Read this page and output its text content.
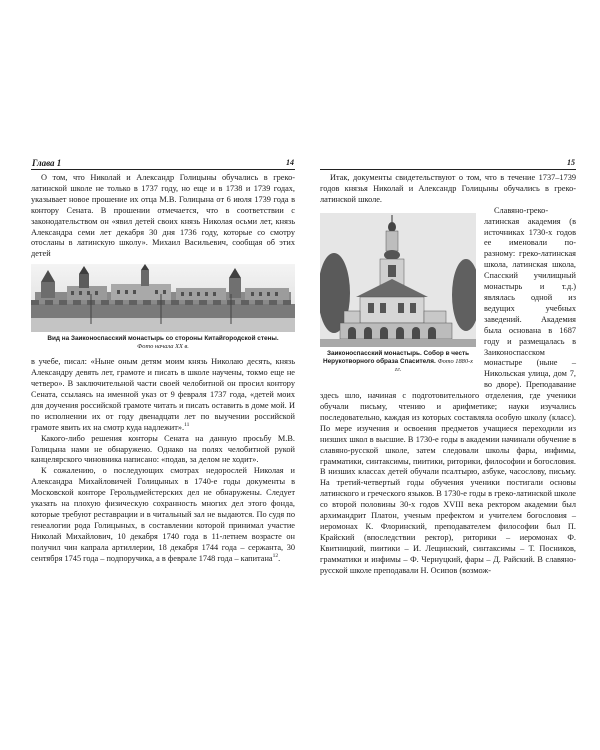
Глава 1	14

О том, что Николай и Александр Голицыны обучались в греко-латинской школе не только в 1737 году, но еще и в 1738 и 1739 годах, указывает новое прошение их отца М.В. Голицына от 6 июля 1739 года в контору Сената. В прошении отмечается, что в соответствии с законодательством он «явил детей своих князь Николая осьми лет, князь Александра семи лет декабря 30 дня 1736 году, которые со смотру отосланы в латинскую школу». Михаил Васильевич, сообщая об этих детей

Вид на Заиконоспасский монастырь со стороны Китайгородской стены.
Фото начала XX в.

в учебе, писал: «Ныне оным детям моим князь Николаю десять, князь Александру девять лет, грамоте и писать в школе научены, токмо еще не четверо». В заключительной части своей челобитной он просил контору Сената, ссылаясь на именной указ от 9 февраля 1737 года, «детей моих для доучения российской грамоте читать и писать оставить в доме мой. И по исполнении их от году двенадцати лет по выучении российской грамоте явить их на смотр куда надлежит».$^{11}$

Какого-либо решения конторы Сената на данную просьбу М.В. Голицына нами не обнаружено. Однако на полях челобитной рукой канцелярского чиновника написано: «подав, за делом не ходит».

К сожалению, о последующих смотрах недорослей Николая и Александра Михайловичей Голицыных в 1740-е годы документы в Московской конторе Герольдмейстерских дел не обнаружены. Следует указать на плохую физическую сохранность многих дел этого фонда, которые требуют реставрации и в читальный зал не выдаются. По судя по генеалогии рода Голицыных, в составлении которой принимал участие Николай Михайлович, 10 декабря 1740 года в 11-летнем возрасте он получил чин капрала артиллерии, 18 декабря 1744 года – сержанта, 30 сентября 1745 года – подпоручика, а в феврале 1748 года – капитана$^{12}$.

15

Итак, документы свидетельствуют о том, что в течение 1737–1739 годов князья Николай и Александр Голицыны обучались в греко-латинской школе.

Заиконоспасский монастырь. Собор в честь Нерукотворного образа Спасителя. Фото 1880-х гг.

Славяно-греко-латинская академия (в источниках 1730-х годов ее именовали по-разному: греко-латинская школа, латинская школа, Спасский училищный монастырь и т.д.) являлась одной из ведущих учебных заведений. Академия была основана в 1687 году и размещалась в Заиконоспасском монастыре (ныне – Никольская улица, дом 7, во дворе). Преподавание здесь шло, начиная с подготовительного отделения, где ученики обучали письму, чтению и арифметике; науки изучались последовательно, каждая из которых составляла особую школу (класс). По мере изучения и освоения предметов учащиеся переходили из низших школ в высшие. В 1730-е годы в академии начинали обучение в славяно-русской школе, затем следовали школы фары, инфимы, грамматики, синтаксимы, пиитики, риторики, философии и богословия. В низших классах детей обучали псалтырю, азбуке, часослову, письму. На третий-четвертый годы обучения ученики постигали основы латинского и греческого языков. В 1730-е годы в греко-латинской школе со второй половины 30-х годов XVIII века ректором академии был архимандрит Платон, ученым префектом и учителем богословия – иеромонах К. Флоринский, преподавателем философии был П. Крайский (впоследствии ректор), риторики – иеромонах Ф. Квитницкий, пиитики – И. Лещинский, синтаксимы – Т. Посников, грамматики и инфимы – Ф. Чернуцкий, фары – Д. Райский. В славяно-русской школе преподавали Н. Осипов (возмож-
